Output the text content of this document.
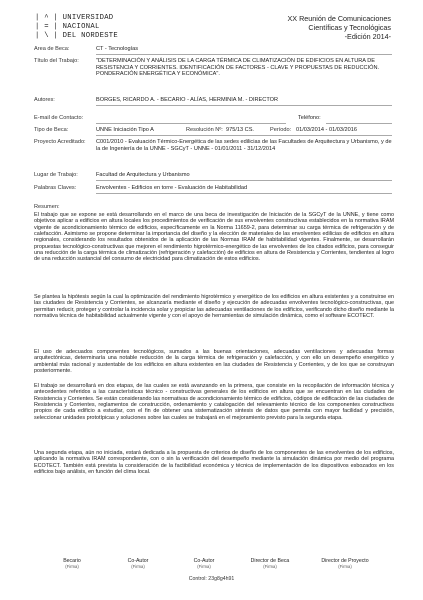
| ^ | UNIVERSIDAD
| = | NACIONAL
| \ | DEL NORDESTE
XX Reunión de Comunicaciones
Científicas y Tecnológicas
-Edición 2014-
Area de Beca:	CT - Tecnologías
Título del Trabajo:	"DETERMINACIÓN Y ANÁLISIS DE LA CARGA TÉRMICA DE CLIMATIZACIÓN DE EDIFICIOS EN ALTURA DE RESISTENCIA Y CORRIENTES. IDENTIFICACIÓN DE FACTORES - CLAVE Y PROPUESTAS DE REDUCCIÓN. PONDERACIÓN ENERGÉTICA Y ECONÓMICA".
Autores:	BORGES, RICARDO A. - BECARIO - ALÍAS, HERMINIA M. - DIRECTOR
E-mail de Contacto:	Teléfono:
Tipo de Beca:	UNNE Iniciación Tipo A	Resolución Nº: 975/13 CS.	Período: 01/03/2014 - 01/03/2016
Proyecto Acreditado: C001/2010 - Evaluación Térmico-Energética de las sedes edilicias de las Facultades de Arquitectura y Urbanismo, y de la de Ingeniería de la UNNE - SGCyT - UNNE - 01/01/2011 - 31/12/2014
Lugar de Trabajo:	Facultad de Arquitectura y Urbanismo
Palabras Claves:	Envolventes - Edificios en torre - Evaluación de Habitabilidad
Resumen:
El trabajo que se expone se está desarrollando en el marco de una beca de investigación de Iniciación de la SGCyT de la UNNE, y tiene como objetivos aplicar a edificios en altura locales los procedimientos de verificación de sus envolventes constructivas establecidos en la normativa IRAM vigente de acondicionamiento térmico de edificios, específicamente en la Norma 11659-2, para determinar su carga térmica de refrigeración y de calefacción. Asimismo se propone determinar la importancia del diseño y la elección de materiales de las envolventes edilicias de edificios en altura regionales, considerando los resultados obtenidos de la aplicación de las Normas IRAM de habitabilidad vigentes. Finalmente, se desarrollarán propuestas tecnológico-constructivas que mejoren el rendimiento higrotérmico-energético de las envolventes de los citados edificios, para conseguir una reducción de la carga térmica de climatización (refrigeración y calefacción) de edificios en altura de Resistencia y Corrientes, tendientes al logro de una reducción sustancial del consumo de electricidad para climatización de estos edificios.
Se plantea la hipótesis según la cual la optimización del rendimiento higrotérmico y energético de los edificios en altura existentes y a construirse en las ciudades de Resistencia y Corrientes, se alcanzaría mediante el diseño y ejecución de adecuadas envolventes tecnológico-constructivas, que permitan reducir, proteger y controlar la incidencia solar y propiciar las adecuadas ventilaciones de los edificios, verificando dicho diseño mediante la normativa técnica de habitabilidad actualmente vigente y con el apoyo de herramientas de simulación dinámica, como el software ECOTECT.
El uso de adecuados componentes tecnológicos, sumados a las buenas orientaciones, adecuadas ventilaciones y adecuadas formas arquitectónicas, determinaría una notable reducción de la carga térmica de refrigeración y calefacción, y con ello un desempeño energético y ambiental más racional y sustentable de los edificios en altura existentes en las ciudades de Resistencia y Corrientes, y de los que se construyan posteriormente.
El trabajo se desarrollará en dos etapas, de las cuales se está avanzando en la primera, que consiste en la recopilación de información técnica y antecedentes referidos a las características técnico - constructivas generales de los edificios en altura que se encuentran en las ciudades de Resistencia y Corrientes. Se están considerando las normativas de acondicionamiento térmico de edificios, códigos de edificación de las ciudades de Resistencia y Corrientes, reglamentos de construcción, ordenamiento y catalogación del relevamiento técnico de los componentes constructivos propios de cada edificio a estudiar, con el fin de obtener una sistematización sintesis de datos que permita con mayor facilidad y precisión, seleccionar unidades prototípicas y soluciones sobre las cuales se trabajará en el mejoramiento previsto para la segunda etapa.
Una segunda etapa, aún no iniciada, estará dedicada a la propuesta de criterios de diseño de los componentes de las envolventes de los edificios, aplicando la normativa IRAM correspondiente, con o sin la verificación del desempeño mediante la simulación dinámica por medio del programa ECOTECT. También está prevista la consideración de la factibilidad económica y técnica de implementación de los dispositivos esbozados en los edificios bajo análisis, en función del clima local.
Becario
(Firma)
Co-Autor
(Firma)
Co-Autor
(Firma)
Director de Beca
(Firma)
Director de Proyecto
(Firma)
Control: 23g8g4h91
